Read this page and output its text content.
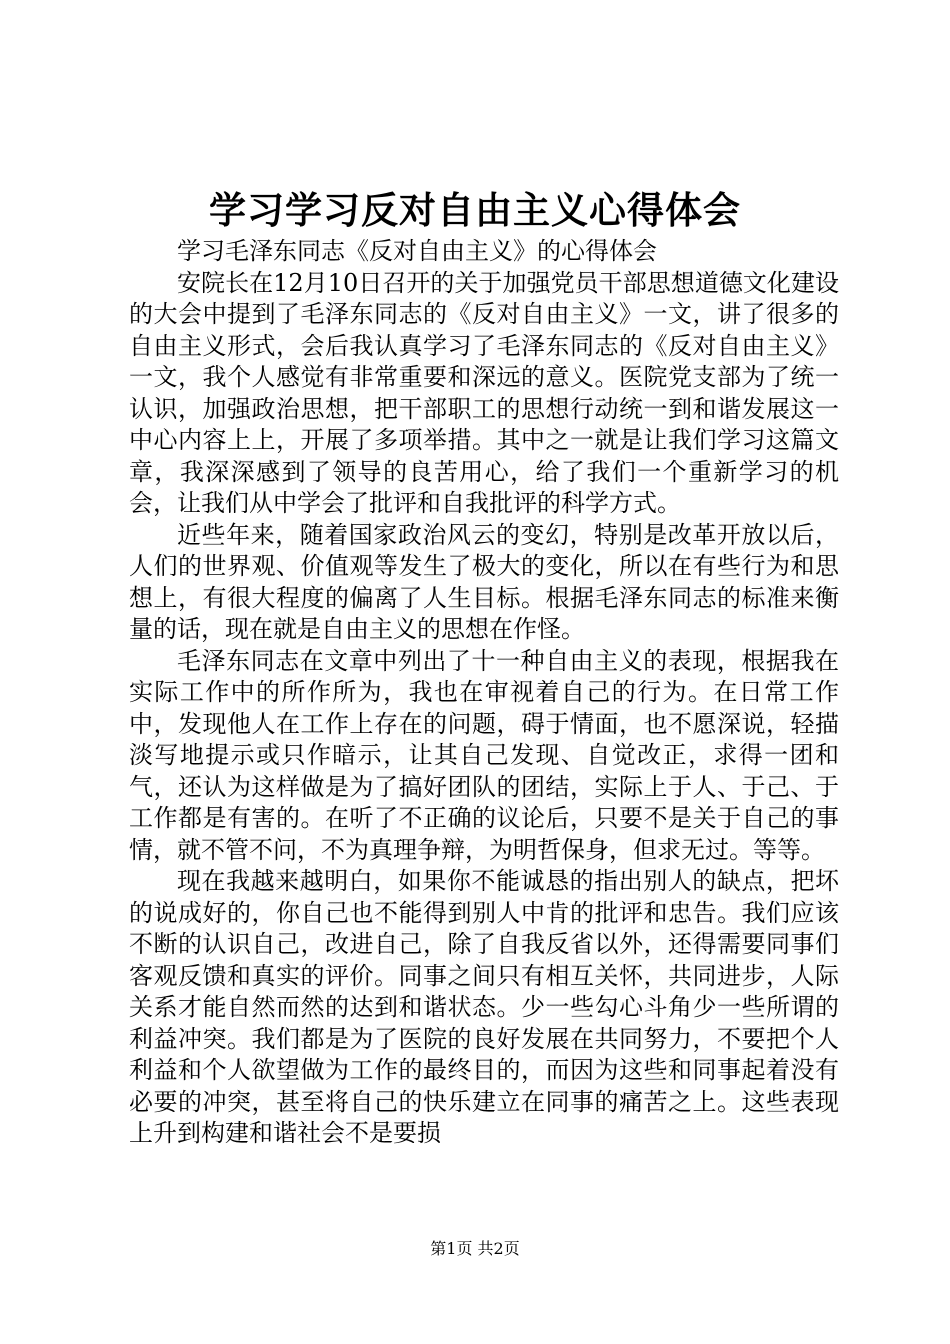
学习学习反对自由主义心得体会

学习毛泽东同志《反对自由主义》的心得体会

安院长在12月10日召开的关于加强党员干部思想道德文化建设的大会中提到了毛泽东同志的《反对自由主义》一文，讲了很多的自由主义形式，会后我认真学习了毛泽东同志的《反对自由主义》一文，我个人感觉有非常重要和深远的意义。医院党支部为了统一认识，加强政治思想，把干部职工的思想行动统一到和谐发展这一中心内容上上，开展了多项举措。其中之一就是让我们学习这篇文章，我深深感到了领导的良苦用心，给了我们一个重新学习的机会，让我们从中学会了批评和自我批评的科学方式。

近些年来，随着国家政治风云的变幻，特别是改革开放以后，人们的世界观、价值观等发生了极大的变化，所以在有些行为和思想上，有很大程度的偏离了人生目标。根据毛泽东同志的标准来衡量的话，现在就是自由主义的思想在作怪。

毛泽东同志在文章中列出了十一种自由主义的表现，根据我在实际工作中的所作所为，我也在审视着自己的行为。在日常工作中，发现他人在工作上存在的问题，碍于情面，也不愿深说，轻描淡写地提示或只作暗示，让其自己发现、自觉改正，求得一团和气，还认为这样做是为了搞好团队的团结，实际上于人、于己、于工作都是有害的。在听了不正确的议论后，只要不是关于自己的事情，就不管不问，不为真理争辩，为明哲保身，但求无过。等等。

现在我越来越明白，如果你不能诚恳的指出别人的缺点，把坏的说成好的，你自己也不能得到别人中肯的批评和忠告。我们应该不断的认识自己，改进自己，除了自我反省以外，还得需要同事们客观反馈和真实的评价。同事之间只有相互关怀，共同进步，人际关系才能自然而然的达到和谐状态。少一些勾心斗角少一些所谓的利益冲突。我们都是为了医院的良好发展在共同努力，不要把个人利益和个人欲望做为工作的最终目的，而因为这些和同事起着没有必要的冲突，甚至将自己的快乐建立在同事的痛苦之上。这些表现上升到构建和谐社会不是要损

第1页 共2页
